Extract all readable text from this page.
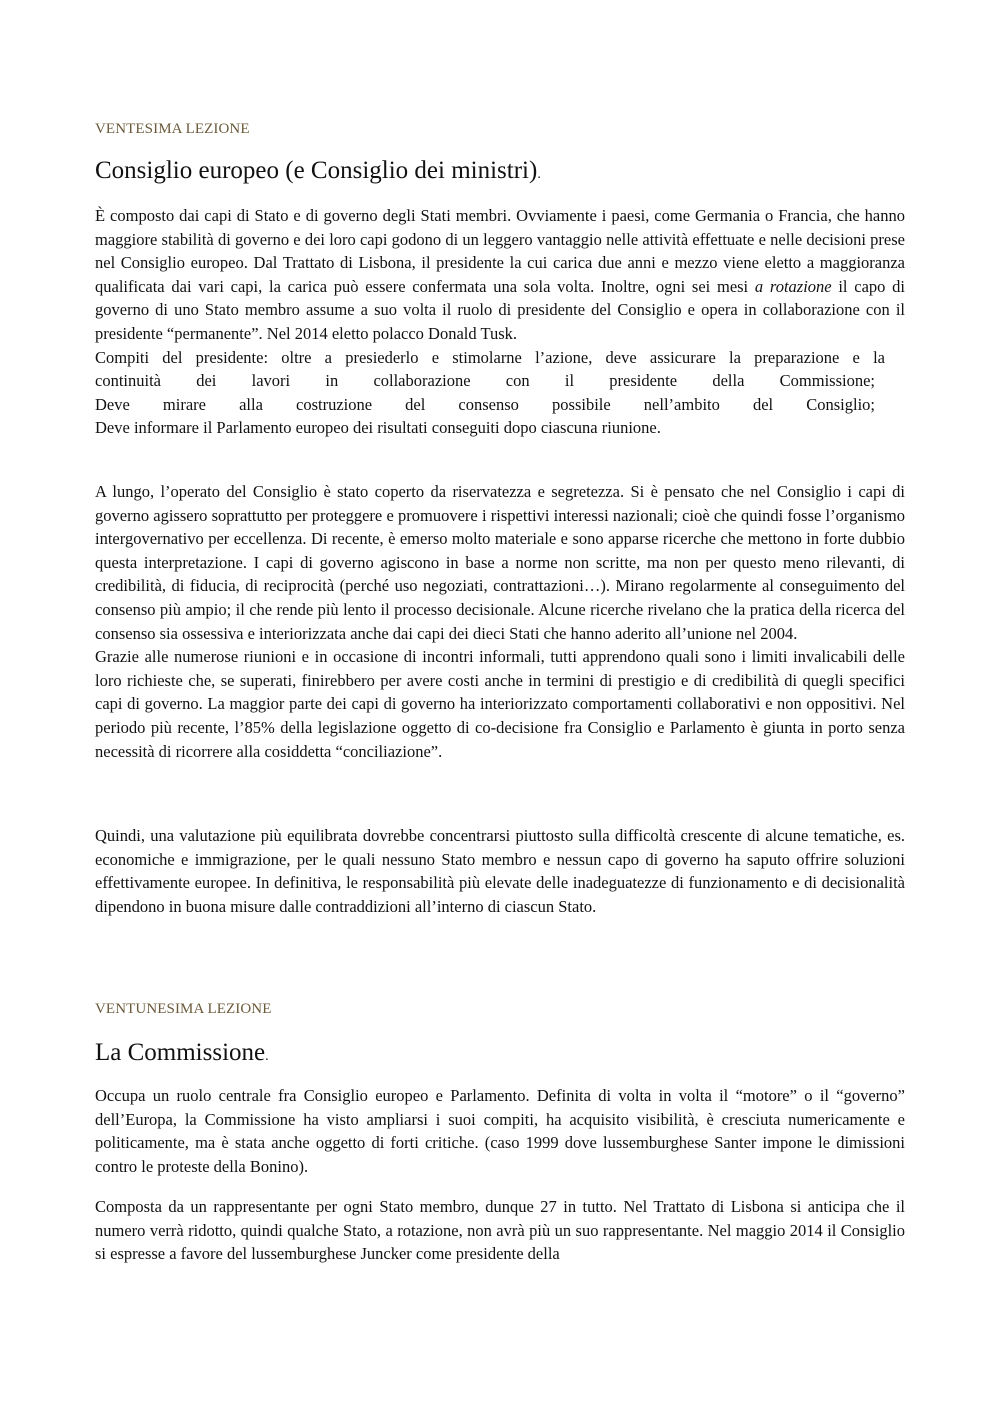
VENTESIMA LEZIONE
Consiglio europeo (e Consiglio dei ministri).

È composto dai capi di Stato e di governo degli Stati membri. Ovviamente i paesi, come Germania o Francia, che hanno maggiore stabilità di governo e dei loro capi godono di un leggero vantaggio nelle attività effettuate e nelle decisioni prese nel Consiglio europeo. Dal Trattato di Lisbona, il presidente la cui carica due anni e mezzo viene eletto a maggioranza qualificata dai vari capi, la carica può essere confermata una sola volta. Inoltre, ogni sei mesi a rotazione il capo di governo di uno Stato membro assume a suo volta il ruolo di presidente del Consiglio e opera in collaborazione con il presidente “permanente”. Nel 2014 eletto polacco Donald Tusk.

Compiti del presidente: oltre a presiederlo e stimolarne l’azione, deve assicurare la preparazione e la
continuità dei lavori in collaborazione con il presidente della Commissione;
Deve mirare alla costruzione del consenso possibile nell’ambito del Consiglio;
Deve informare il Parlamento europeo dei risultati conseguiti dopo ciascuna riunione.

A lungo, l’operato del Consiglio è stato coperto da riservatezza e segretezza. Si è pensato che nel Consiglio i capi di governo agissero soprattutto per proteggere e promuovere i rispettivi interessi nazionali; cioè che quindi fosse l’organismo intergovernativo per eccellenza. Di recente, è emerso molto materiale e sono apparse ricerche che mettono in forte dubbio questa interpretazione. I capi di governo agiscono in base a norme non scritte, ma non per questo meno rilevanti, di credibilità, di fiducia, di reciprocità (perché uso negoziati, contrattazioni…). Mirano regolarmente al conseguimento del consenso più ampio; il che rende più lento il processo decisionale. Alcune ricerche rivelano che la pratica della ricerca del consenso sia ossessiva e interiorizzata anche dai capi dei dieci Stati che hanno aderito all’unione nel 2004.
Grazie alle numerose riunioni e in occasione di incontri informali, tutti apprendono quali sono i limiti invalicabili delle loro richieste che, se superati, finirebbero per avere costi anche in termini di prestigio e di credibilità di quegli specifici capi di governo. La maggior parte dei capi di governo ha interiorizzato comportamenti collaborativi e non oppositivi. Nel periodo più recente, l’85% della legislazione oggetto di co-decisione fra Consiglio e Parlamento è giunta in porto senza necessità di ricorrere alla cosiddetta “conciliazione”.

Quindi, una valutazione più equilibrata dovrebbe concentrarsi piuttosto sulla difficoltà crescente di alcune tematiche, es. economiche e immigrazione, per le quali nessuno Stato membro e nessun capo di governo ha saputo offrire soluzioni effettivamente europee. In definitiva, le responsabilità più elevate delle inadeguatezze di funzionamento e di decisionalità dipendono in buona misure dalle contraddizioni all’interno di ciascun Stato.

VENTUNESIMA LEZIONE
La Commissione.

Occupa un ruolo centrale fra Consiglio europeo e Parlamento. Definita di volta in volta il “motore” o il “governo” dell’Europa, la Commissione ha visto ampliarsi i suoi compiti, ha acquisito visibilità, è cresciuta numericamente e politicamente, ma è stata anche oggetto di forti critiche. (caso 1999 dove lussemburghese Santer impone le dimissioni contro le proteste della Bonino).

Composta da un rappresentante per ogni Stato membro, dunque 27 in tutto. Nel Trattato di Lisbona si anticipa che il numero verrà ridotto, quindi qualche Stato, a rotazione, non avrà più un suo rappresentante. Nel maggio 2014 il Consiglio si espresse a favore del lussemburghese Juncker come presidente della
